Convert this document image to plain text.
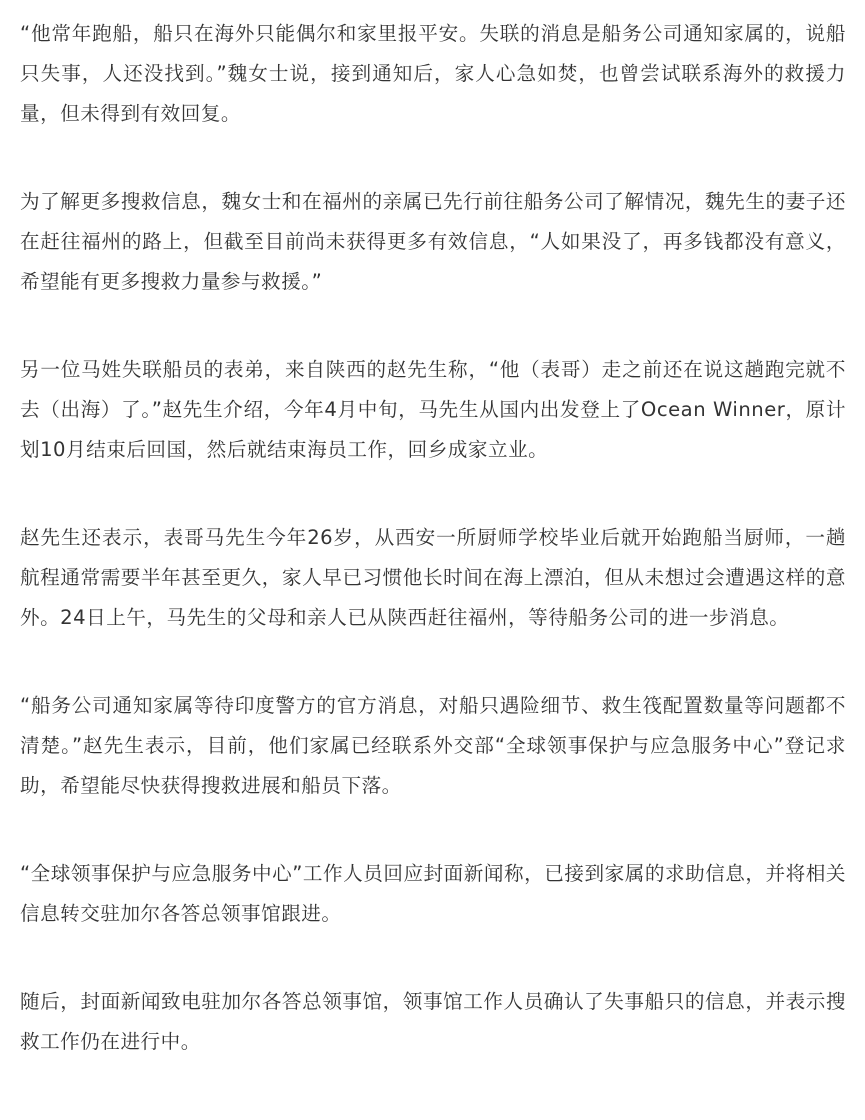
“他常年跑船，船只在海外只能偶尔和家里报平安。失联的消息是船务公司通知家属的，说船只失事，人还没找到。”魏女士说，接到通知后，家人心急如焚，也曾尝试联系海外的救援力量，但未得到有效回复。

为了解更多搜救信息，魏女士和在福州的亲属已先行前往船务公司了解情况，魏先生的妻子还在赶往福州的路上，但截至目前尚未获得更多有效信息，“人如果没了，再多钱都没有意义，希望能有更多搜救力量参与救援。”

另一位马姓失联船员的表弟，来自陕西的赵先生称，“他（表哥）走之前还在说这趟跑完就不去（出海）了。”赵先生介绍，今年4月中旬，马先生从国内出发登上了Ocean Winner，原计划10月结束后回国，然后就结束海员工作，回乡成家立业。

赵先生还表示，表哥马先生今年26岁，从西安一所厨师学校毕业后就开始跑船当厨师，一趟航程通常需要半年甚至更久，家人早已习惯他长时间在海上漂泊，但从未想过会遭遇这样的意外。24日上午，马先生的父母和亲人已从陕西赶往福州，等待船务公司的进一步消息。

“船务公司通知家属等待印度警方的官方消息，对船只遇险细节、救生筏配置数量等问题都不清楚。”赵先生表示，目前，他们家属已经联系外交部“全球领事保护与应急服务中心”登记求助，希望能尽快获得搜救进展和船员下落。

“全球领事保护与应急服务中心”工作人员回应封面新闻称，已接到家属的求助信息，并将相关信息转交驻加尔各答总领事馆跟进。

随后，封面新闻致电驻加尔各答总领事馆，领事馆工作人员确认了失事船只的信息，并表示搜救工作仍在进行中。
